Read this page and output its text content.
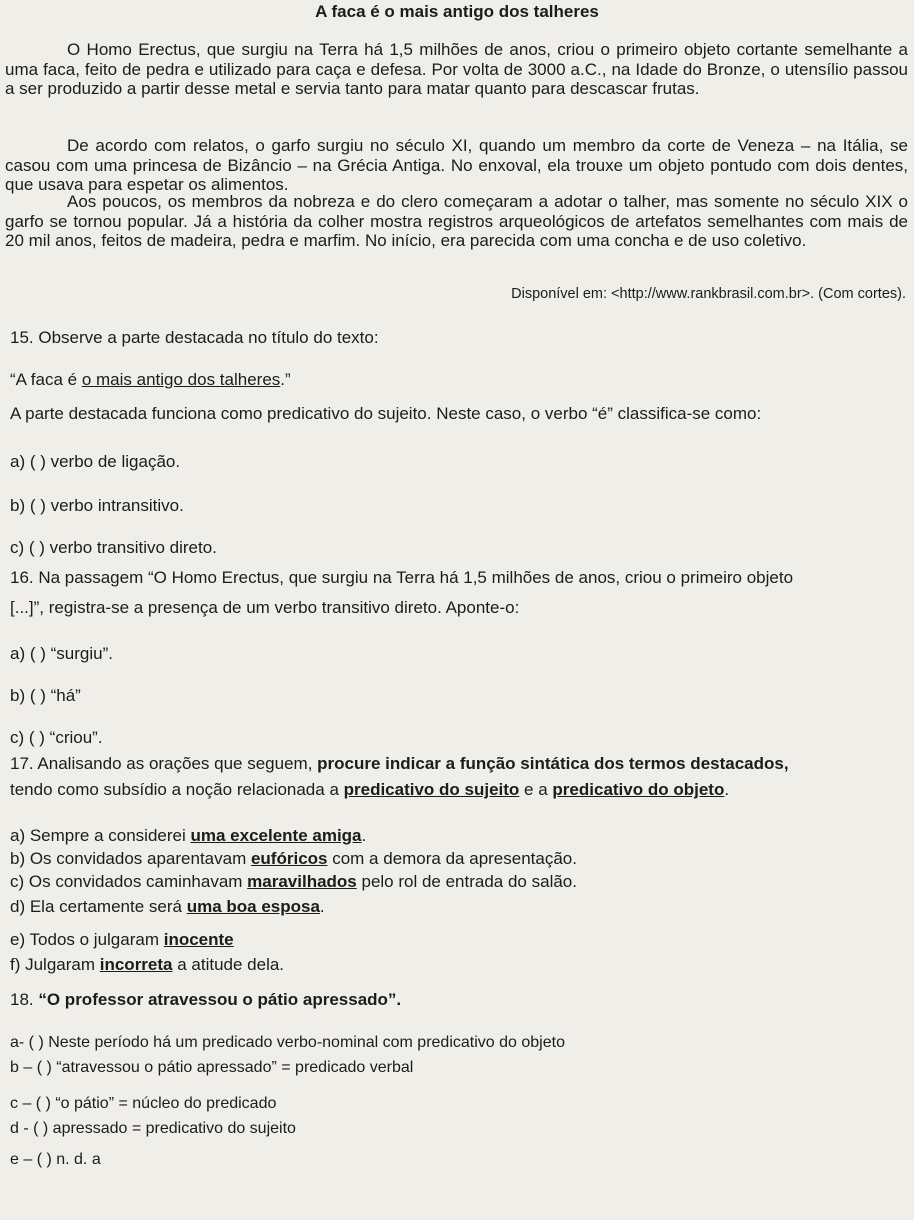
A faca é o mais antigo dos talheres

O Homo Erectus, que surgiu na Terra há 1,5 milhões de anos, criou o primeiro objeto cortante semelhante a uma faca, feito de pedra e utilizado para caça e defesa. Por volta de 3000 a.C., na Idade do Bronze, o utensílio passou a ser produzido a partir desse metal e servia tanto para matar quanto para descascar frutas.

De acordo com relatos, o garfo surgiu no século XI, quando um membro da corte de Veneza – na Itália, se casou com uma princesa de Bizâncio – na Grécia Antiga. No enxoval, ela trouxe um objeto pontudo com dois dentes, que usava para espetar os alimentos.

Aos poucos, os membros da nobreza e do clero começaram a adotar o talher, mas somente no século XIX o garfo se tornou popular. Já a história da colher mostra registros arqueológicos de artefatos semelhantes com mais de 20 mil anos, feitos de madeira, pedra e marfim. No início, era parecida com uma concha e de uso coletivo.

Disponível em: <http://www.rankbrasil.com.br>. (Com cortes).
15. Observe a parte destacada no título do texto:
“A faca é o mais antigo dos talheres.”
A parte destacada funciona como predicativo do sujeito. Neste caso, o verbo “é” classifica-se como:
a) ( ) verbo de ligação.
b) ( ) verbo intransitivo.
c) ( ) verbo transitivo direto.
16. Na passagem “O Homo Erectus, que surgiu na Terra há 1,5 milhões de anos, criou o primeiro objeto
[...]”, registra-se a presença de um verbo transitivo direto. Aponte-o:
a) ( ) “surgiu”.
b) ( ) “há”
c) ( ) “criou”.
17. Analisando as orações que seguem, procure indicar a função sintática dos termos destacados,
tendo como subsídio a noção relacionada a predicativo do sujeito e a predicativo do objeto.
a) Sempre a considerei uma excelente amiga.
b) Os convidados aparentavam eufóricos com a demora da apresentação.
c) Os convidados caminhavam maravilhados pelo rol de entrada do salão.
d) Ela certamente será uma boa esposa.
e) Todos o julgaram inocente
f) Julgaram incorreta a atitude dela.
18. “O professor atravessou o pátio apressado”.
a- ( ) Neste período há um predicado verbo-nominal com predicativo do objeto
b – ( ) “atravessou o pátio apressado” = predicado verbal
c – ( ) “o pátio” = núcleo do predicado
d - ( ) apressado = predicativo do sujeito
e – ( ) n. d. a
